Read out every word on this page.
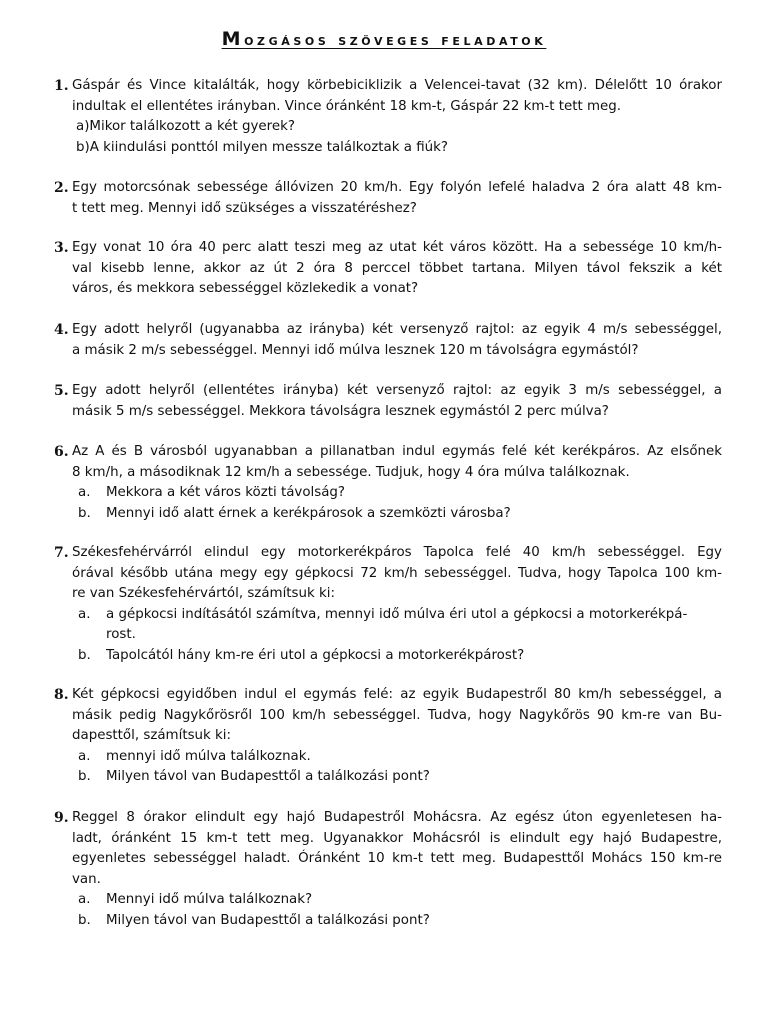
Mozgásos szöveges feladatok
1. Gáspár és Vince kitalálták, hogy körbebiciklizik a Velencei-tavat (32 km). Délelőtt 10 órakor
indultak el ellentétes irányban. Vince óránként 18 km-t, Gáspár 22 km-t tett meg.
a)Mikor találkozott a két gyerek?
b)A kiindulási ponttól milyen messze találkoztak a fiúk?
2. Egy motorcsónak sebessége állóvizen 20 km/h. Egy folyón lefelé haladva 2 óra alatt 48 km-
t tett meg. Mennyi idő szükséges a visszatéréshez?
3. Egy vonat 10 óra 40 perc alatt teszi meg az utat két város között. Ha a sebessége 10 km/h-
val kisebb lenne, akkor az út 2 óra 8 perccel többet tartana. Milyen távol fekszik a két
város, és mekkora sebességgel közlekedik a vonat?
4. Egy adott helyről (ugyanabba az irányba) két versenyző rajtol: az egyik 4 m/s sebességgel,
a másik 2 m/s sebességgel. Mennyi idő múlva lesznek 120 m távolságra egymástól?
5. Egy adott helyről (ellentétes irányba) két versenyző rajtol: az egyik 3 m/s sebességgel, a
másik 5 m/s sebességgel. Mekkora távolságra lesznek egymástól 2 perc múlva?
6. Az A és B városból ugyanabban a pillanatban indul egymás felé két kerékpáros. Az elsőnek
8 km/h, a másodiknak 12 km/h a sebessége. Tudjuk, hogy 4 óra múlva találkoznak.
a. Mekkora a két város közti távolság?
b. Mennyi idő alatt érnek a kerékpárosok a szemközti városba?
7. Székesfehérvárról elindul egy motorkerékpáros Tapolca felé 40 km/h sebességgel. Egy
órával később utána megy egy gépkocsi 72 km/h sebességgel. Tudva, hogy Tapolca 100 km-
re van Székesfehérvártól, számítsuk ki:
a. a gépkocsi indításától számítva, mennyi idő múlva éri utol a gépkocsi a motorkerékpá-
rost.
b. Tapolcától hány km-re éri utol a gépkocsi a motorkerékpárost?
8. Két gépkocsi egyidőben indul el egymás felé: az egyik Budapestről 80 km/h sebességgel, a
másik pedig Nagykőrösről 100 km/h sebességgel. Tudva, hogy Nagykőrös 90 km-re van Bu-
dapesttől, számítsuk ki:
a. mennyi idő múlva találkoznak.
b. Milyen távol van Budapesttől a találkozási pont?
9. Reggel 8 órakor elindult egy hajó Budapestről Mohácsra. Az egész úton egyenletesen ha-
ladt, óránként 15 km-t tett meg. Ugyanakkor Mohácsról is elindult egy hajó Budapestre,
egyenletes sebességgel haladt. Óránként 10 km-t tett meg. Budapesttől Mohács 150 km-re
van.
a. Mennyi idő múlva találkoznak?
b. Milyen távol van Budapesttől a találkozási pont?
